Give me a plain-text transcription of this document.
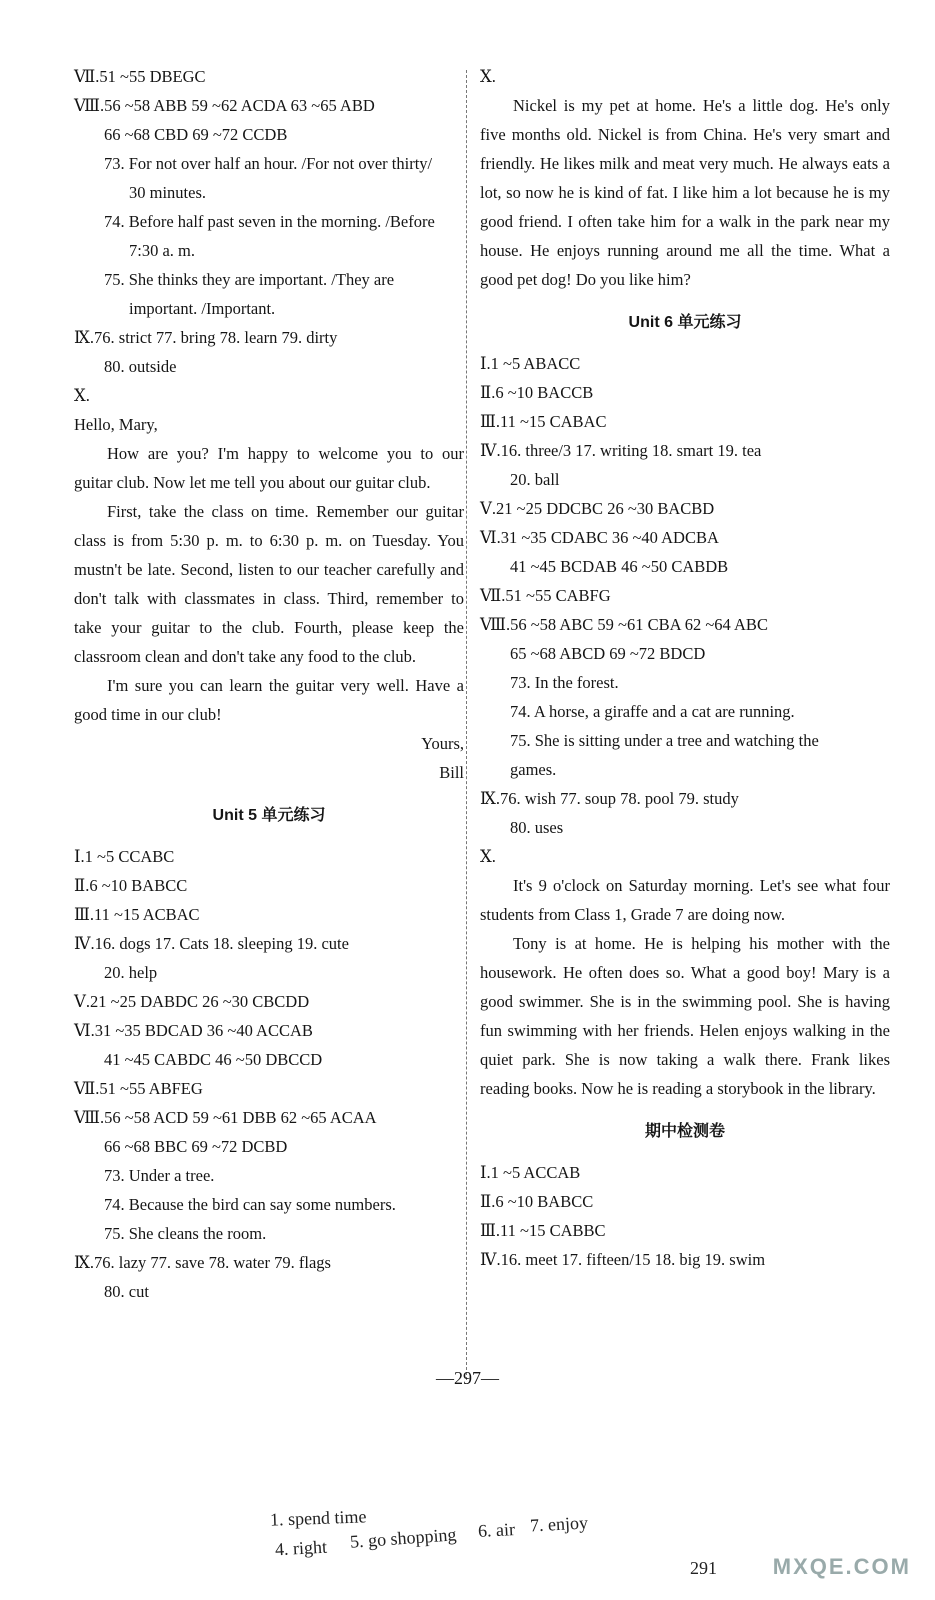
Ⅶ.51 ~55 DBEGC
Ⅷ.56 ~58 ABB 59 ~62 ACDA 63 ~65 ABD
66 ~68 CBD 69 ~72 CCDB
73. For not over half an hour. /For not over thirty/
30 minutes.
74. Before half past seven in the morning. /Before
7:30 a. m.
75. She thinks they are important. /They are
important. /Important.
Ⅸ.76. strict 77. bring 78. learn 79. dirty
80. outside
Ⅹ.
Hello, Mary,

How are you? I'm happy to welcome you to our guitar club. Now let me tell you about our guitar club.

First, take the class on time. Remember our guitar class is from 5:30 p. m. to 6:30 p. m. on Tuesday. You mustn't be late. Second, listen to our teacher carefully and don't talk with classmates in class. Third, remember to take your guitar to the club. Fourth, please keep the classroom clean and don't take any food to the club.

I'm sure you can learn the guitar very well. Have a good time in our club!

Yours,
Bill
Unit 5 单元练习
Ⅰ.1 ~5 CCABC
Ⅱ.6 ~10 BABCC
Ⅲ.11 ~15 ACBAC
Ⅳ.16. dogs 17. Cats 18. sleeping 19. cute
20. help
Ⅴ.21 ~25 DABDC 26 ~30 CBCDD
Ⅵ.31 ~35 BDCAD 36 ~40 ACCAB
41 ~45 CABDC 46 ~50 DBCCD
Ⅶ.51 ~55 ABFEG
Ⅷ.56 ~58 ACD 59 ~61 DBB 62 ~65 ACAA
66 ~68 BBC 69 ~72 DCBD
73. Under a tree.
74. Because the bird can say some numbers.
75. She cleans the room.
Ⅸ.76. lazy 77. save 78. water 79. flags
80. cut
Ⅹ.

Nickel is my pet at home. He's a little dog. He's only five months old. Nickel is from China. He's very smart and friendly. He likes milk and meat very much. He always eats a lot, so now he is kind of fat. I like him a lot because he is my good friend. I often take him for a walk in the park near my house. He enjoys running around me all the time. What a good pet dog! Do you like him?

Unit 6 单元练习
Ⅰ.1 ~5 ABACC
Ⅱ.6 ~10 BACCB
Ⅲ.11 ~15 CABAC
Ⅳ.16. three/3 17. writing 18. smart 19. tea
20. ball
Ⅴ.21 ~25 DDCBC 26 ~30 BACBD
Ⅵ.31 ~35 CDABC 36 ~40 ADCBA
41 ~45 BCDAB 46 ~50 CABDB
Ⅶ.51 ~55 CABFG
Ⅷ.56 ~58 ABC 59 ~61 CBA 62 ~64 ABC
65 ~68 ABCD 69 ~72 BDCD
73. In the forest.
74. A horse, a giraffe and a cat are running.
75. She is sitting under a tree and watching the
games.
Ⅸ.76. wish 77. soup 78. pool 79. study
80. uses
Ⅹ.

It's 9 o'clock on Saturday morning. Let's see what four students from Class 1, Grade 7 are doing now.

Tony is at home. He is helping his mother with the housework. He often does so. What a good boy! Mary is a good swimmer. She is in the swimming pool. She is having fun swimming with her friends. Helen enjoys walking in the quiet park. She is now taking a walk there. Frank likes reading books. Now he is reading a storybook in the library.

期中检测卷
Ⅰ.1 ~5 ACCAB
Ⅱ.6 ~10 BABCC
Ⅲ.11 ~15 CABBC
Ⅳ.16. meet 17. fifteen/15 18. big 19. swim
—297—
1. spend time
4. right 5. go shopping 6. air 7. enjoy
291	MXQE.COM
